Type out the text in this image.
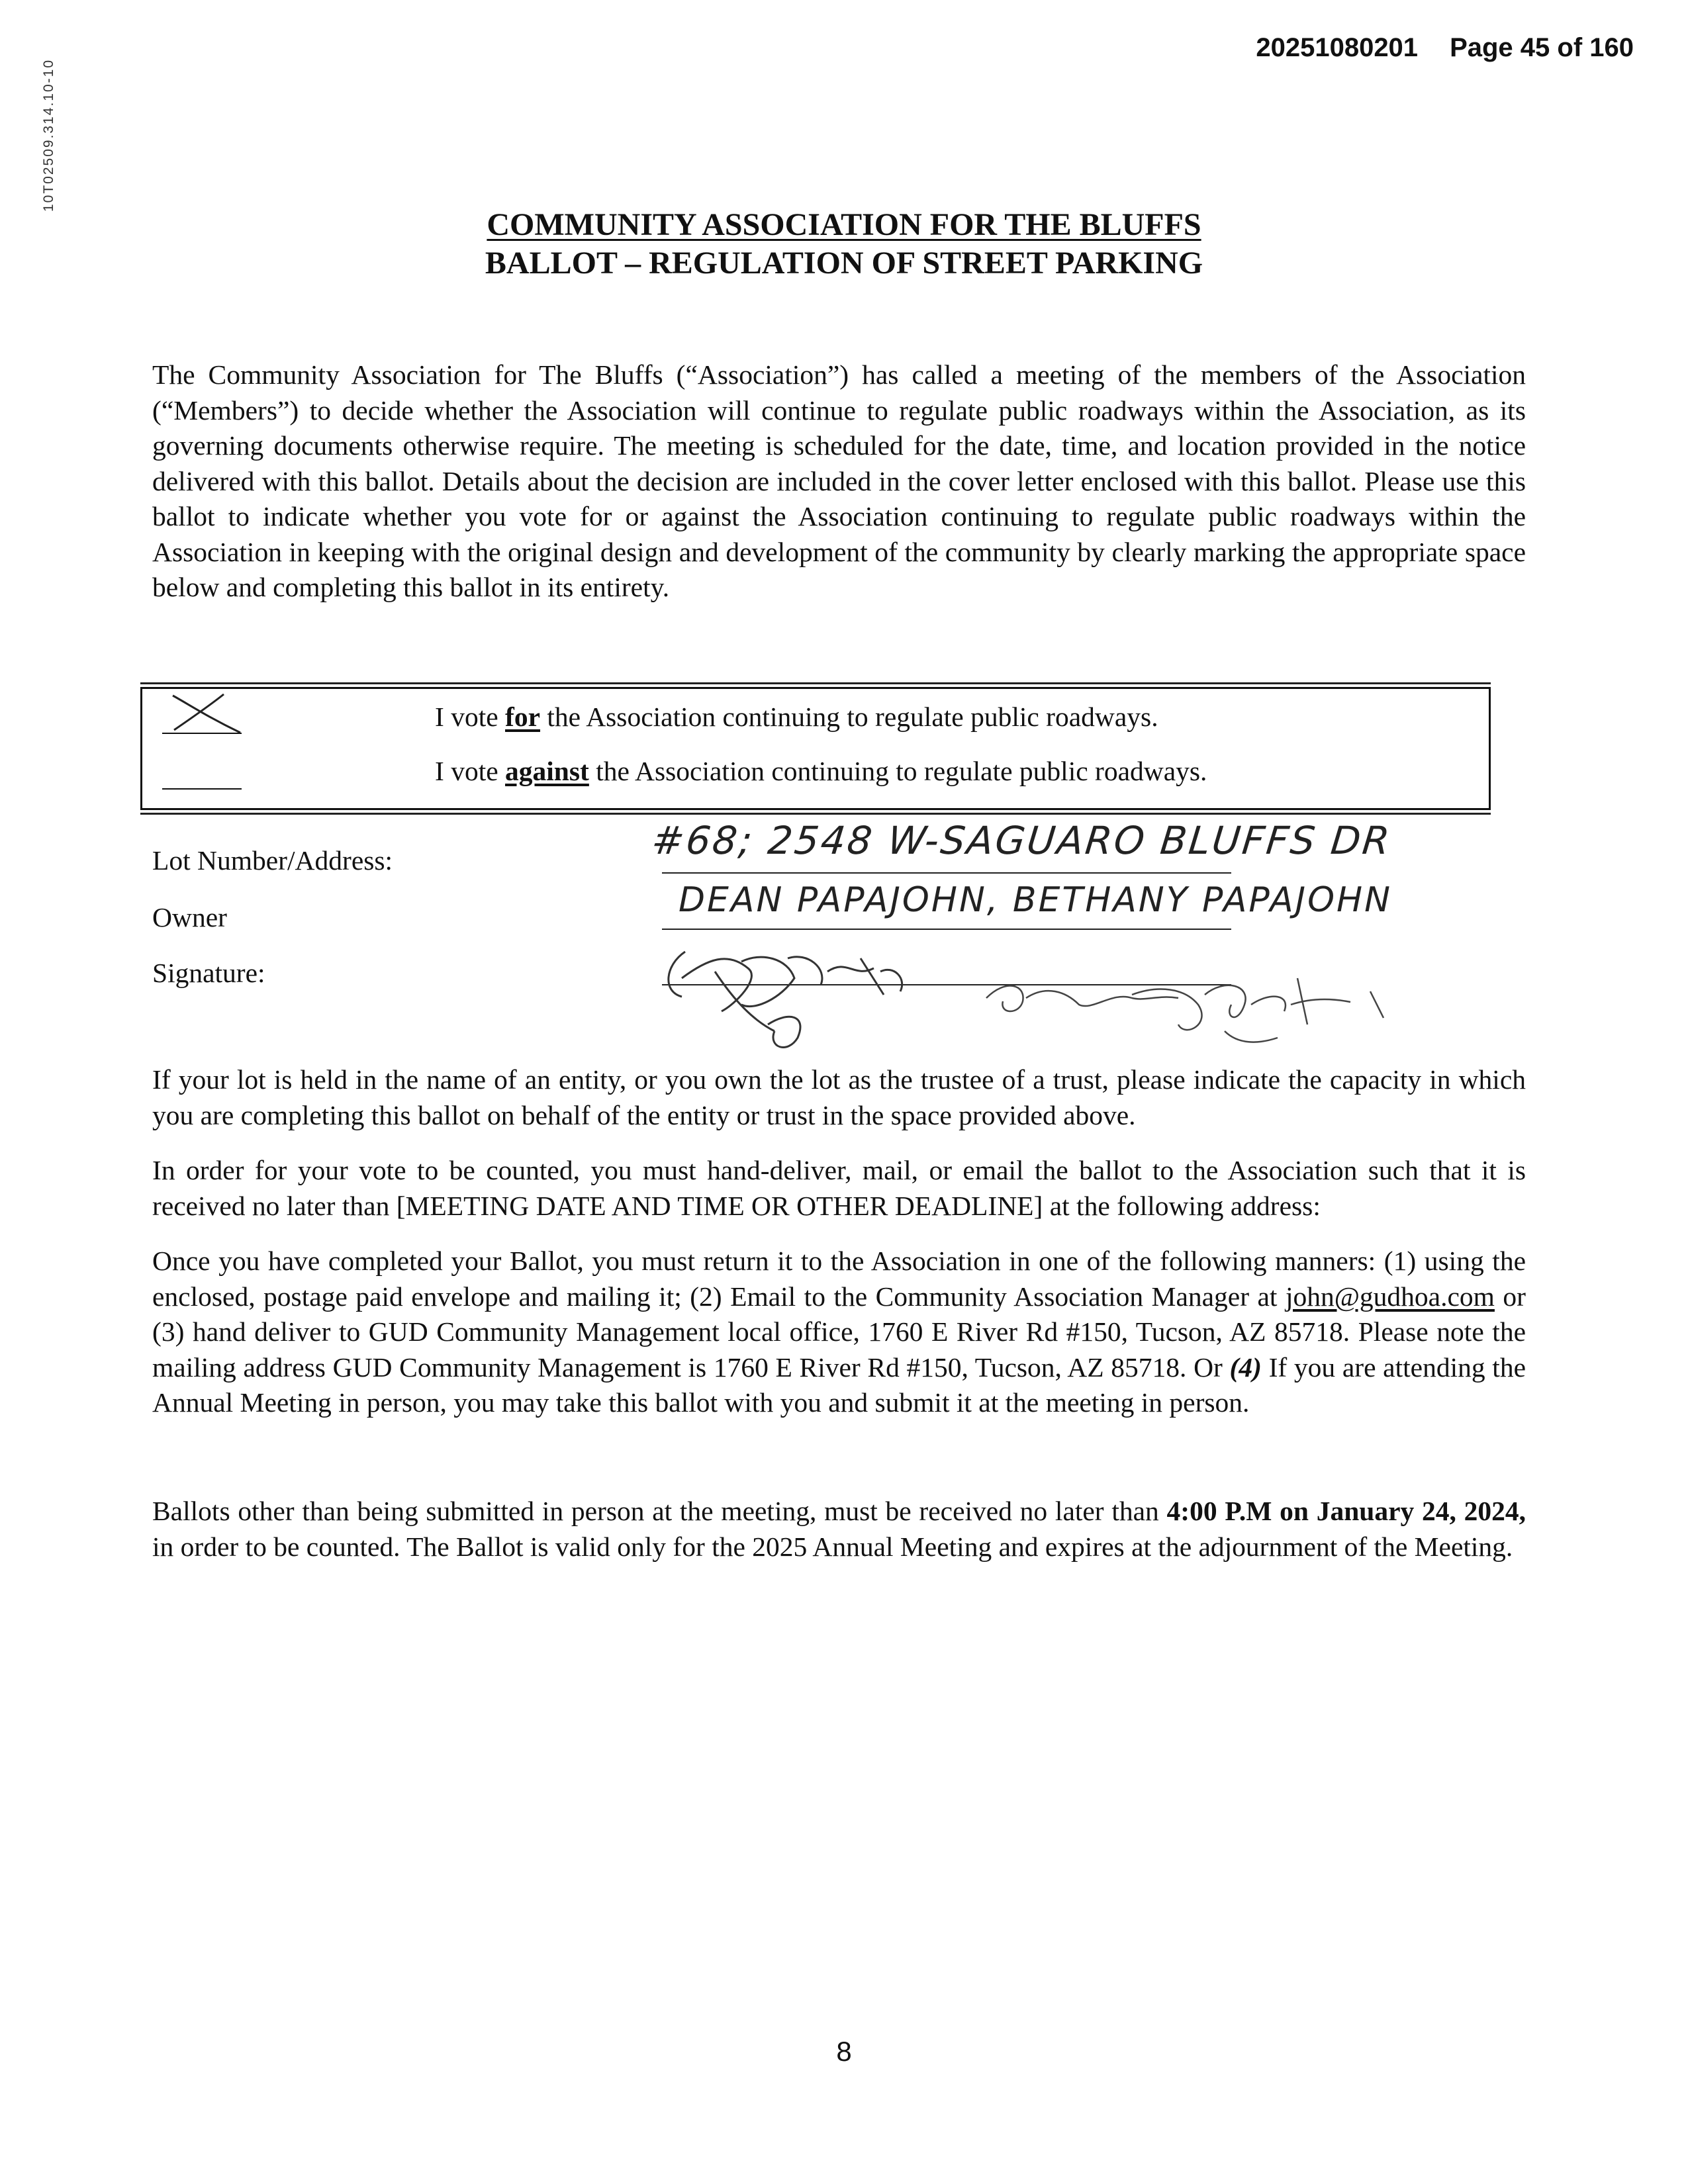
20251080201 Page 45 of 160
10T02509.314.10-10
COMMUNITY ASSOCIATION FOR THE BLUFFS
BALLOT – REGULATION OF STREET PARKING
The Community Association for The Bluffs (“Association”) has called a meeting of the members of the Association (“Members”) to decide whether the Association will continue to regulate public roadways within the Association, as its governing documents otherwise require. The meeting is scheduled for the date, time, and location provided in the notice delivered with this ballot. Details about the decision are included in the cover letter enclosed with this ballot. Please use this ballot to indicate whether you vote for or against the Association continuing to regulate public roadways within the Association in keeping with the original design and development of the community by clearly marking the appropriate space below and completing this ballot in its entirety.
I vote for the Association continuing to regulate public roadways.
I vote against the Association continuing to regulate public roadways.
Lot Number/Address:	#68; 2548 W-SAGUARO BLUFFS DR
Owner	DEAN PAPAJOHN, BETHANY PAPAJOHN
Signature:
If your lot is held in the name of an entity, or you own the lot as the trustee of a trust, please indicate the capacity in which you are completing this ballot on behalf of the entity or trust in the space provided above.
In order for your vote to be counted, you must hand-deliver, mail, or email the ballot to the Association such that it is received no later than [MEETING DATE AND TIME OR OTHER DEADLINE] at the following address:
Once you have completed your Ballot, you must return it to the Association in one of the following manners: (1) using the enclosed, postage paid envelope and mailing it; (2) Email to the Community Association Manager at john@gudhoa.com or (3) hand deliver to GUD Community Management local office, 1760 E River Rd #150, Tucson, AZ 85718. Please note the mailing address GUD Community Management is 1760 E River Rd #150, Tucson, AZ 85718. Or (4) If you are attending the Annual Meeting in person, you may take this ballot with you and submit it at the meeting in person.
Ballots other than being submitted in person at the meeting, must be received no later than 4:00 P.M on January 24, 2024, in order to be counted. The Ballot is valid only for the 2025 Annual Meeting and expires at the adjournment of the Meeting.
8
